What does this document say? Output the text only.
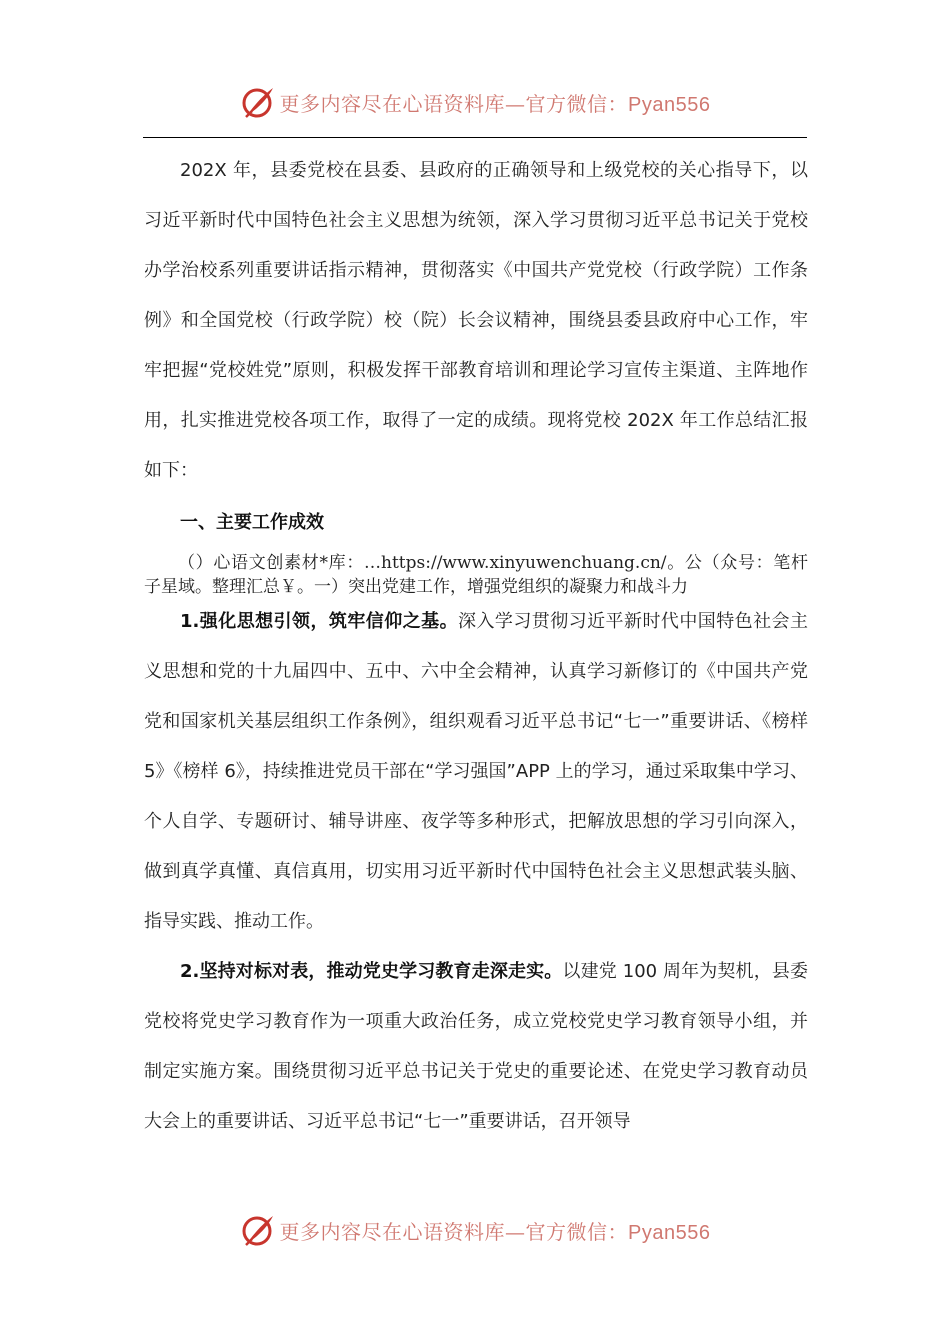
更多内容尽在心语资料库—官方微信：Pyan556

202X 年，县委党校在县委、县政府的正确领导和上级党校的关心指导下，以习近平新时代中国特色社会主义思想为统领，深入学习贯彻习近平总书记关于党校办学治校系列重要讲话指示精神，贯彻落实《中国共产党党校（行政学院）工作条例》和全国党校（行政学院）校（院）长会议精神，围绕县委县政府中心工作，牢牢把握“党校姓党”原则，积极发挥干部教育培训和理论学习宣传主渠道、主阵地作用，扎实推进党校各项工作，取得了一定的成绩。现将党校 202X 年工作总结汇报如下：

一、主要工作成效

（）心语文创素材*库：…https://www.xinyuwenchuang.cn/。公（众号：笔杆子星域。整理汇总￥。一）突出党建工作，增强党组织的凝聚力和战斗力

1.强化思想引领，筑牢信仰之基。深入学习贯彻习近平新时代中国特色社会主义思想和党的十九届四中、五中、六中全会精神，认真学习新修订的《中国共产党党和国家机关基层组织工作条例》，组织观看习近平总书记“七一”重要讲话、《榜样 5》《榜样 6》，持续推进党员干部在“学习强国”APP 上的学习，通过采取集中学习、个人自学、专题研讨、辅导讲座、夜学等多种形式，把解放思想的学习引向深入，做到真学真懂、真信真用，切实用习近平新时代中国特色社会主义思想武装头脑、指导实践、推动工作。

2.坚持对标对表，推动党史学习教育走深走实。以建党 100 周年为契机，县委党校将党史学习教育作为一项重大政治任务，成立党校党史学习教育领导小组，并制定实施方案。围绕贯彻习近平总书记关于党史的重要论述、在党史学习教育动员大会上的重要讲话、习近平总书记“七一”重要讲话，召开领导

更多内容尽在心语资料库—官方微信：Pyan556
